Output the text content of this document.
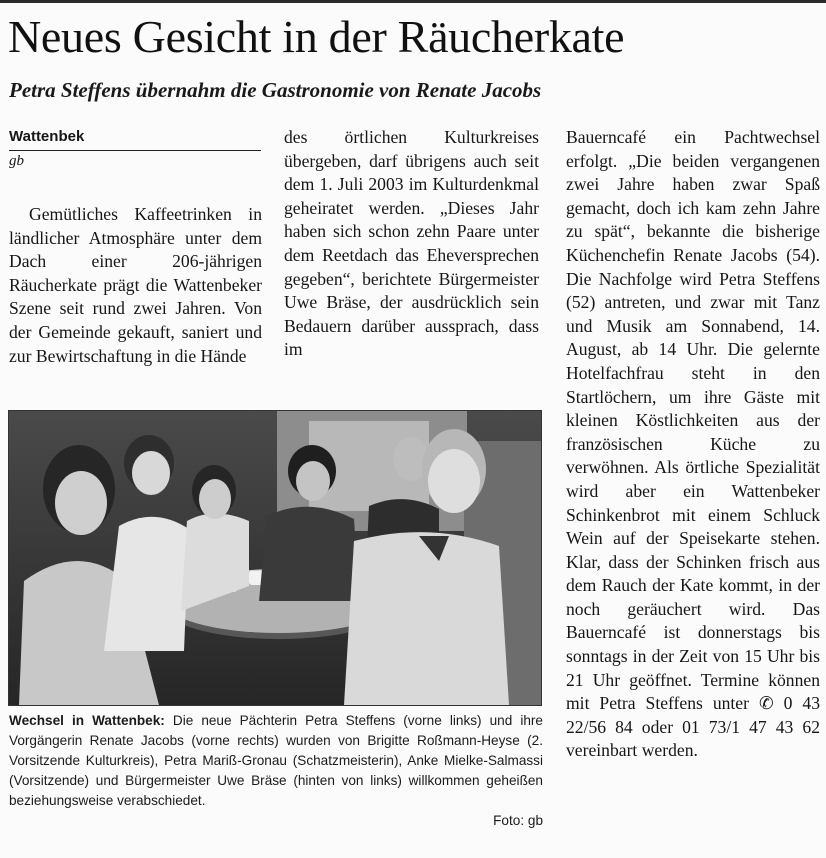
Neues Gesicht in der Räucherkate
Petra Steffens übernahm die Gastronomie von Renate Jacobs
Wattenbek
gb

Gemütliches Kaffeetrinken in ländlicher Atmosphäre unter dem Dach einer 206-jährigen Räucherkate prägt die Wattenbeker Szene seit rund zwei Jahren. Von der Gemeinde gekauft, saniert und zur Bewirtschaftung in die Hände

des örtlichen Kulturkreises übergeben, darf übrigens auch seit dem 1. Juli 2003 im Kulturdenkmal geheiratet werden. „Dieses Jahr haben sich schon zehn Paare unter dem Reetdach das Eheversprechen gegeben“, berichtete Bürgermeister Uwe Bräse, der ausdrücklich sein Bedauern darüber aussprach, dass im

Bauerncafé ein Pachtwechsel erfolgt. „Die beiden vergangenen zwei Jahre haben zwar Spaß gemacht, doch ich kam zehn Jahre zu spät“, bekannte die bisherige Küchenchefin Renate Jacobs (54). Die Nachfolge wird Petra Steffens (52) antreten, und zwar mit Tanz und Musik am Sonnabend, 14. August, ab 14 Uhr. Die gelernte Hotelfachfrau steht in den Startlöchern, um ihre Gäste mit kleinen Köstlichkeiten aus der französischen Küche zu verwöhnen. Als örtliche Spezialität wird aber ein Wattenbeker Schinkenbrot mit einem Schluck Wein auf der Speisekarte stehen. Klar, dass der Schinken frisch aus dem Rauch der Kate kommt, in der noch geräuchert wird. Das Bauerncafé ist donnerstags bis sonntags in der Zeit von 15 Uhr bis 21 Uhr geöffnet. Termine können mit Petra Steffens unter ✆ 0 43 22/56 84 oder 01 73/1 47 43 62 vereinbart werden.

Wechsel in Wattenbek: Die neue Pächterin Petra Steffens (vorne links) und ihre Vorgängerin Renate Jacobs (vorne rechts) wurden von Brigitte Roßmann-Heyse (2. Vorsitzende Kulturkreis), Petra Mariß-Gronau (Schatzmeisterin), Anke Mielke-Salmassi (Vorsitzende) und Bürgermeister Uwe Bräse (hinten von links) willkommen geheißen beziehungsweise verabschiedet.
Foto: gb
